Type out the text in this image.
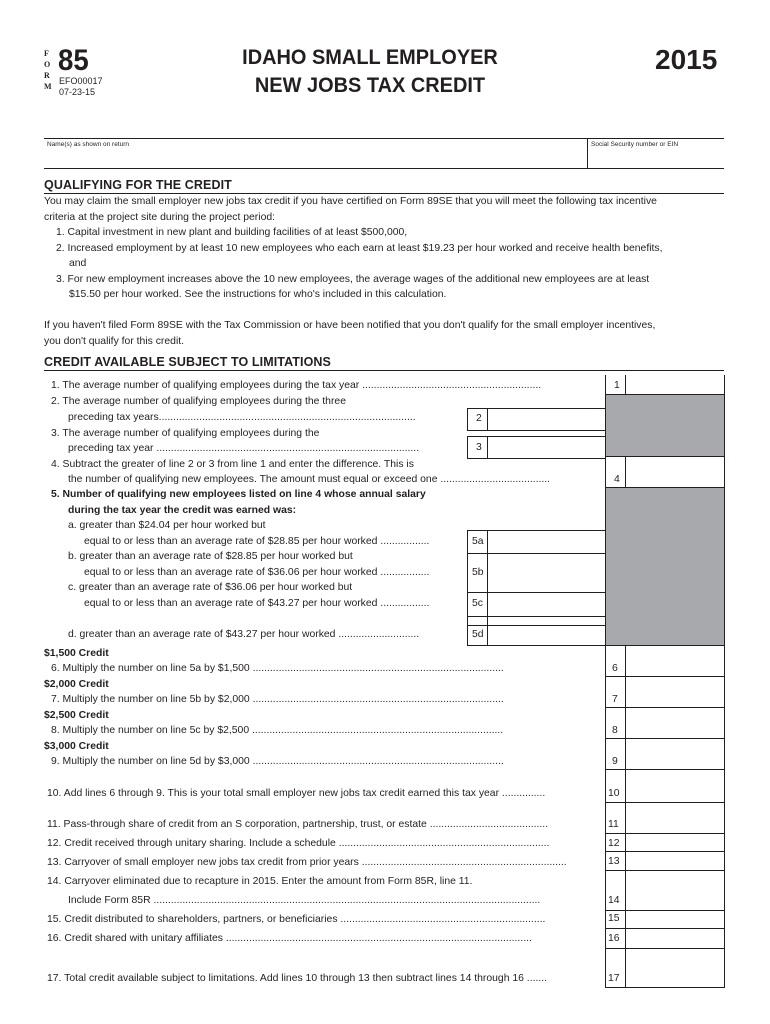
F
O
R
M
85
EFO00017
07-23-15
IDAHO SMALL EMPLOYER
NEW JOBS TAX CREDIT
2015
Name(s) as shown on return	Social Security number or EIN
QUALIFYING FOR THE CREDIT
You may claim the small employer new jobs tax credit if you have certified on Form 89SE that you will meet the following tax incentive
criteria at the project site during the project period:
1. Capital investment in new plant and building facilities of at least $500,000,
2. Increased employment by at least 10 new employees who each earn at least $19.23 per hour worked and receive health benefits,
and
3. For new employment increases above the 10 new employees, the average wages of the additional new employees are at least
$15.50 per hour worked. See the instructions for who's included in this calculation.
If you haven't filed Form 89SE with the Tax Commission or have been notified that you don't qualify for the small employer incentives,
you don't qualify for this credit.
CREDIT AVAILABLE SUBJECT TO LIMITATIONS
1
4
6
7
8
9
10
11
12
13
14
15
16
17
2
3
5a
5b
5c
5d
1. The average number of qualifying employees during the tax year ..............................................................
2. The average number of qualifying employees during the three
preceding tax years.........................................................................................
3. The average number of qualifying employees during the
preceding tax year ...........................................................................................
4. Subtract the greater of line 2 or 3 from line 1 and enter the difference. This is
the number of qualifying new employees. The amount must equal or exceed one ......................................
5. Number of qualifying new employees listed on line 4 whose annual salary
during the tax year the credit was earned was:
a. greater than $24.04 per hour worked but
equal to or less than an average rate of $28.85 per hour worked .................
b. greater than an average rate of $28.85 per hour worked but
equal to or less than an average rate of $36.06 per hour worked .................
c. greater than an average rate of $36.06 per hour worked but
equal to or less than an average rate of $43.27 per hour worked .................
d. greater than an average rate of $43.27 per hour worked ............................
$1,500 Credit
6. Multiply the number on line 5a by $1,500 .......................................................................................
$2,000 Credit
7. Multiply the number on line 5b by $2,000 .......................................................................................
$2,500 Credit
8. Multiply the number on line 5c by $2,500 .......................................................................................
$3,000 Credit
9. Multiply the number on line 5d by $3,000 .......................................................................................
10. Add lines 6 through 9. This is your total small employer new jobs tax credit earned this tax year ...............
11. Pass-through share of credit from an S corporation, partnership, trust, or estate .........................................
12. Credit received through unitary sharing. Include a schedule .........................................................................
13. Carryover of small employer new jobs tax credit from prior years .......................................................................
14. Carryover eliminated due to recapture in 2015. Enter the amount from Form 85R, line 11.
Include Form 85R ......................................................................................................................................
15. Credit distributed to shareholders, partners, or beneficiaries .......................................................................
16. Credit shared with unitary affiliates ..........................................................................................................
17. Total credit available subject to limitations. Add lines 10 through 13 then subtract lines 14 through 16 .......
